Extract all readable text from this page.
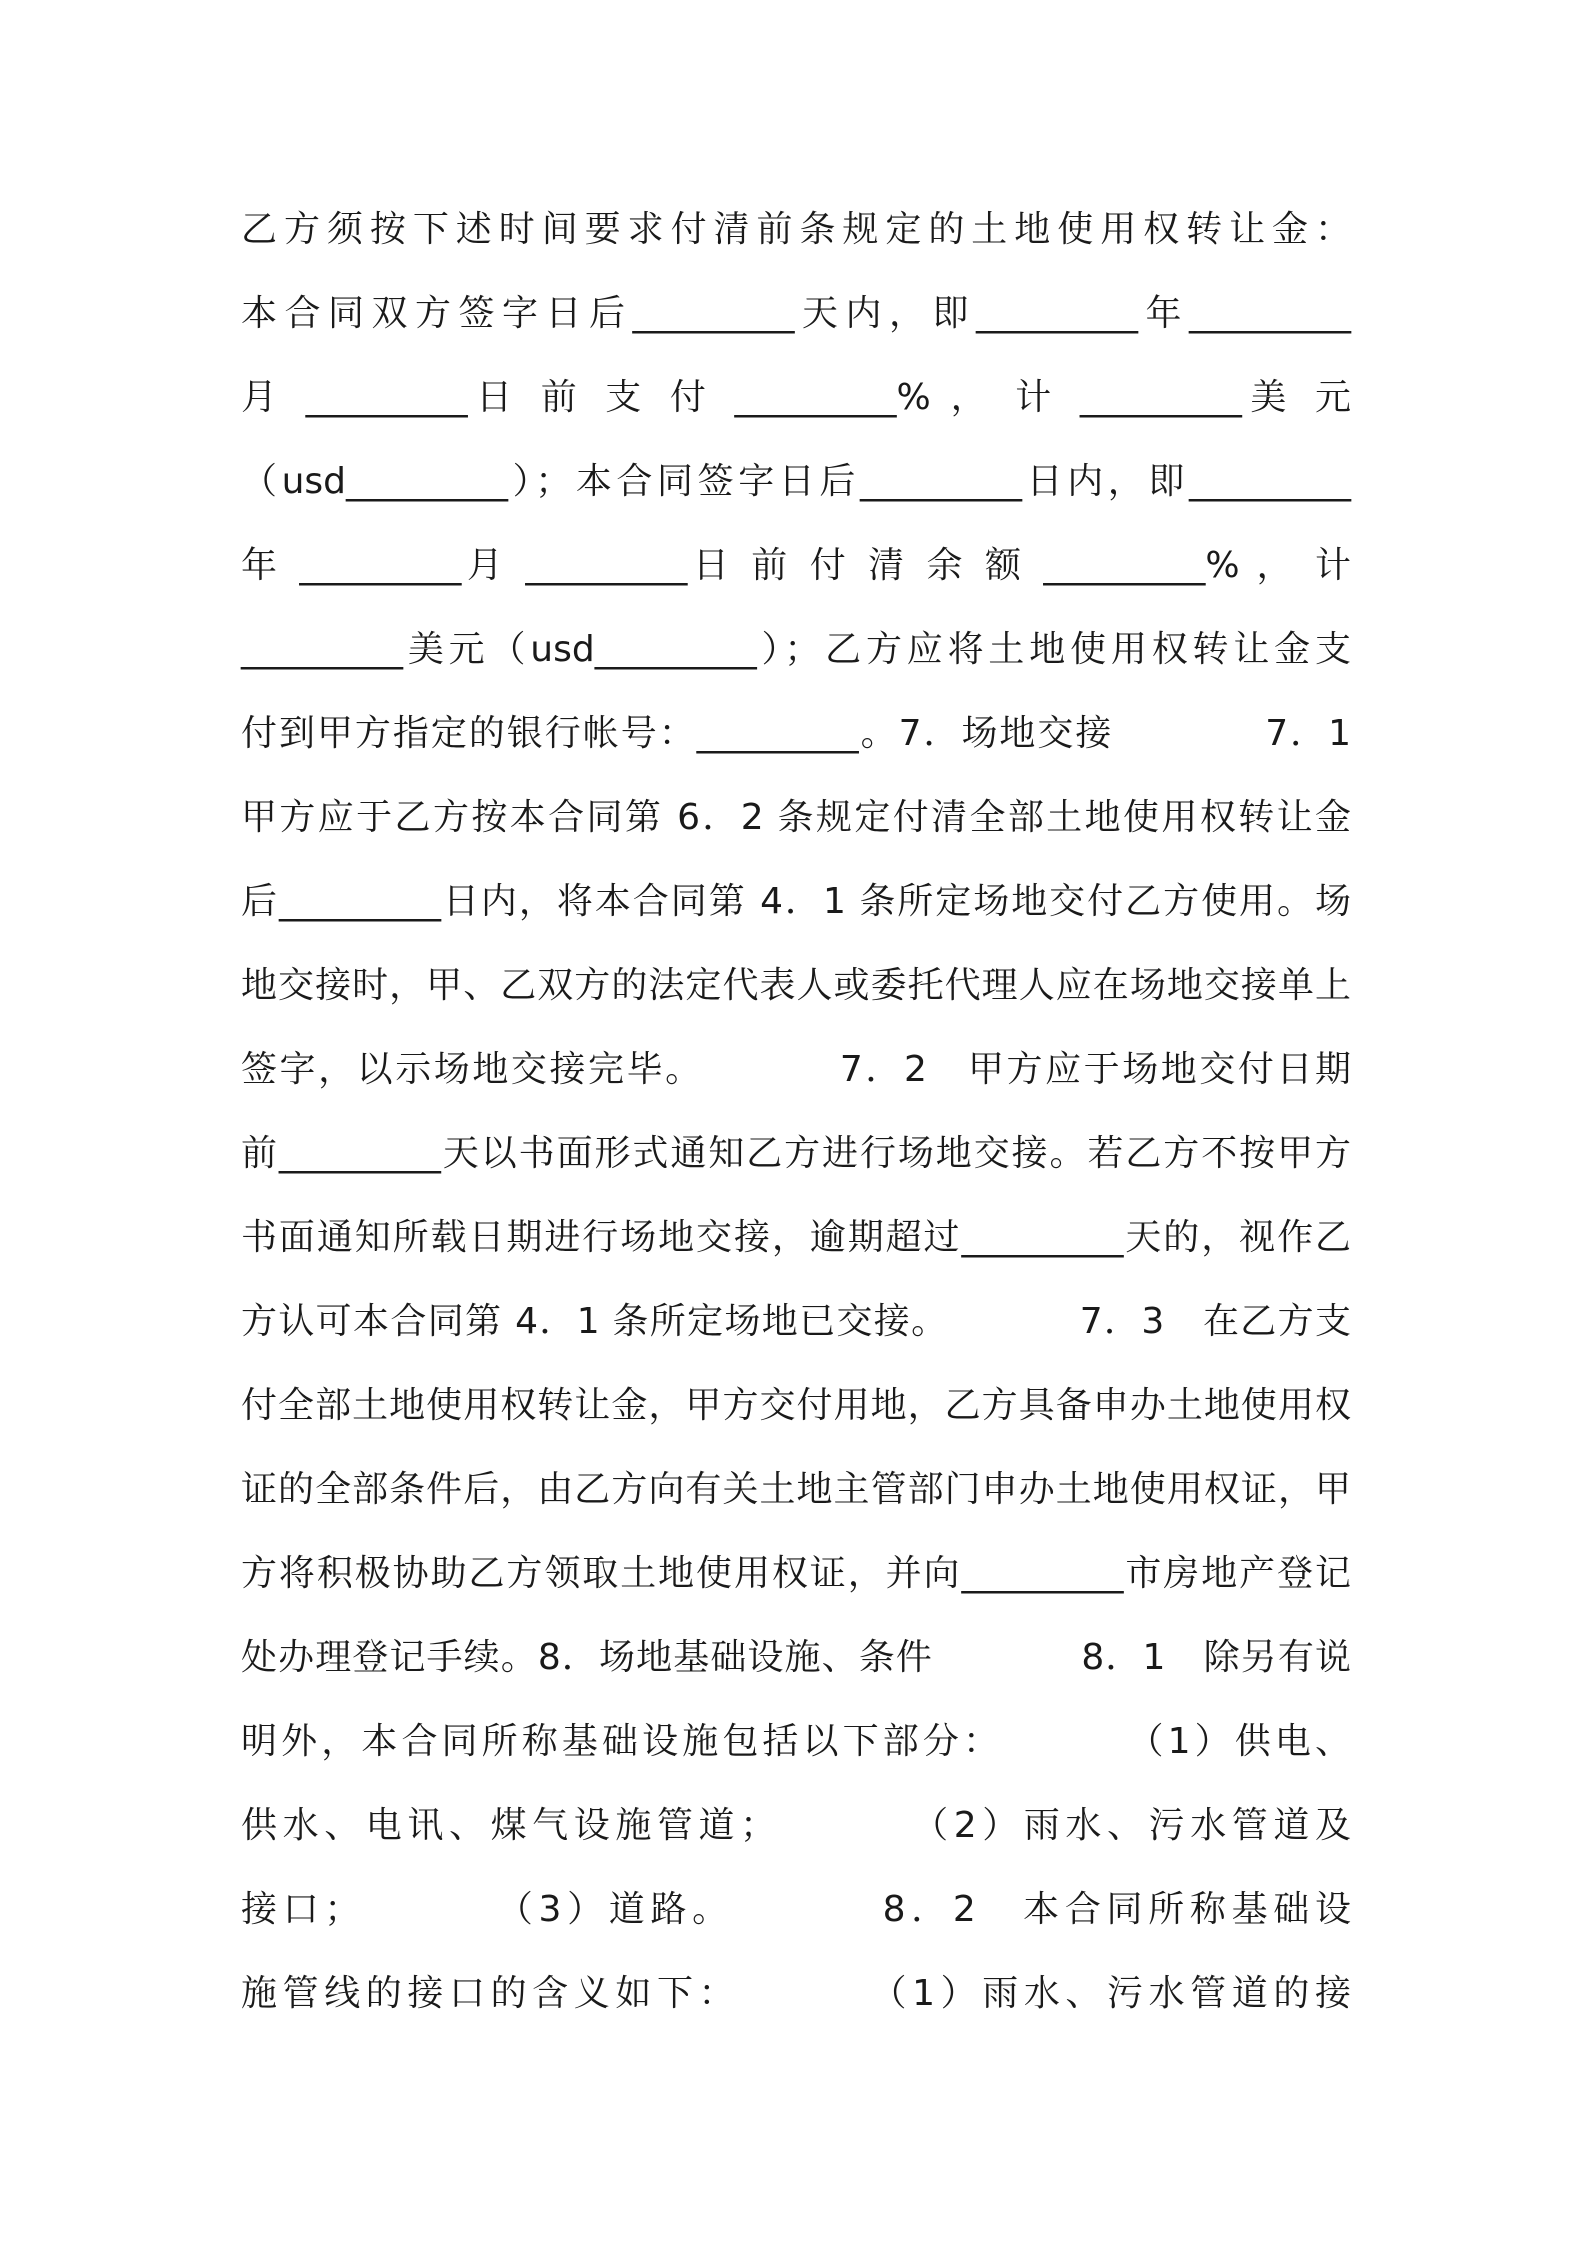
乙方须按下述时间要求付清前条规定的土地使用权转让金：

本合同双方签字日后_________天内，即_________年_________

月 _________日 前 支 付 _________% ， 计 _________美 元

（usd_________）；本合同签字日后_________日内，即_________

年 _________月 _________日 前 付 清 余 额 _________% ， 计

_________美元（usd_________）；乙方应将土地使用权转让金支

付到甲方指定的银行帐号：_________。7．场地交接　　　　7．1

甲方应于乙方按本合同第 6．2 条规定付清全部土地使用权转让金

后_________日内，将本合同第 4．1 条所定场地交付乙方使用。场

地交接时，甲、乙双方的法定代表人或委托代理人应在场地交接单上

签字，以示场地交接完毕。　　　　7．2　甲方应于场地交付日期

前_________天以书面形式通知乙方进行场地交接。若乙方不按甲方

书面通知所载日期进行场地交接，逾期超过_________天的，视作乙

方认可本合同第 4．1 条所定场地已交接。　　　　7．3　在乙方支

付全部土地使用权转让金，甲方交付用地，乙方具备申办土地使用权

证的全部条件后，由乙方向有关土地主管部门申办土地使用权证，甲

方将积极协助乙方领取土地使用权证，并向_________市房地产登记

处办理登记手续。8．场地基础设施、条件　　　　8．1　除另有说

明外，本合同所称基础设施包括以下部分：　　　　（1）供电、

供水、电讯、煤气设施管道；　　　　（2）雨水、污水管道及

接口；　　　　（3）道路。　　　　8．2　本合同所称基础设

施管线的接口的含义如下：　　　　（1）雨水、污水管道的接
